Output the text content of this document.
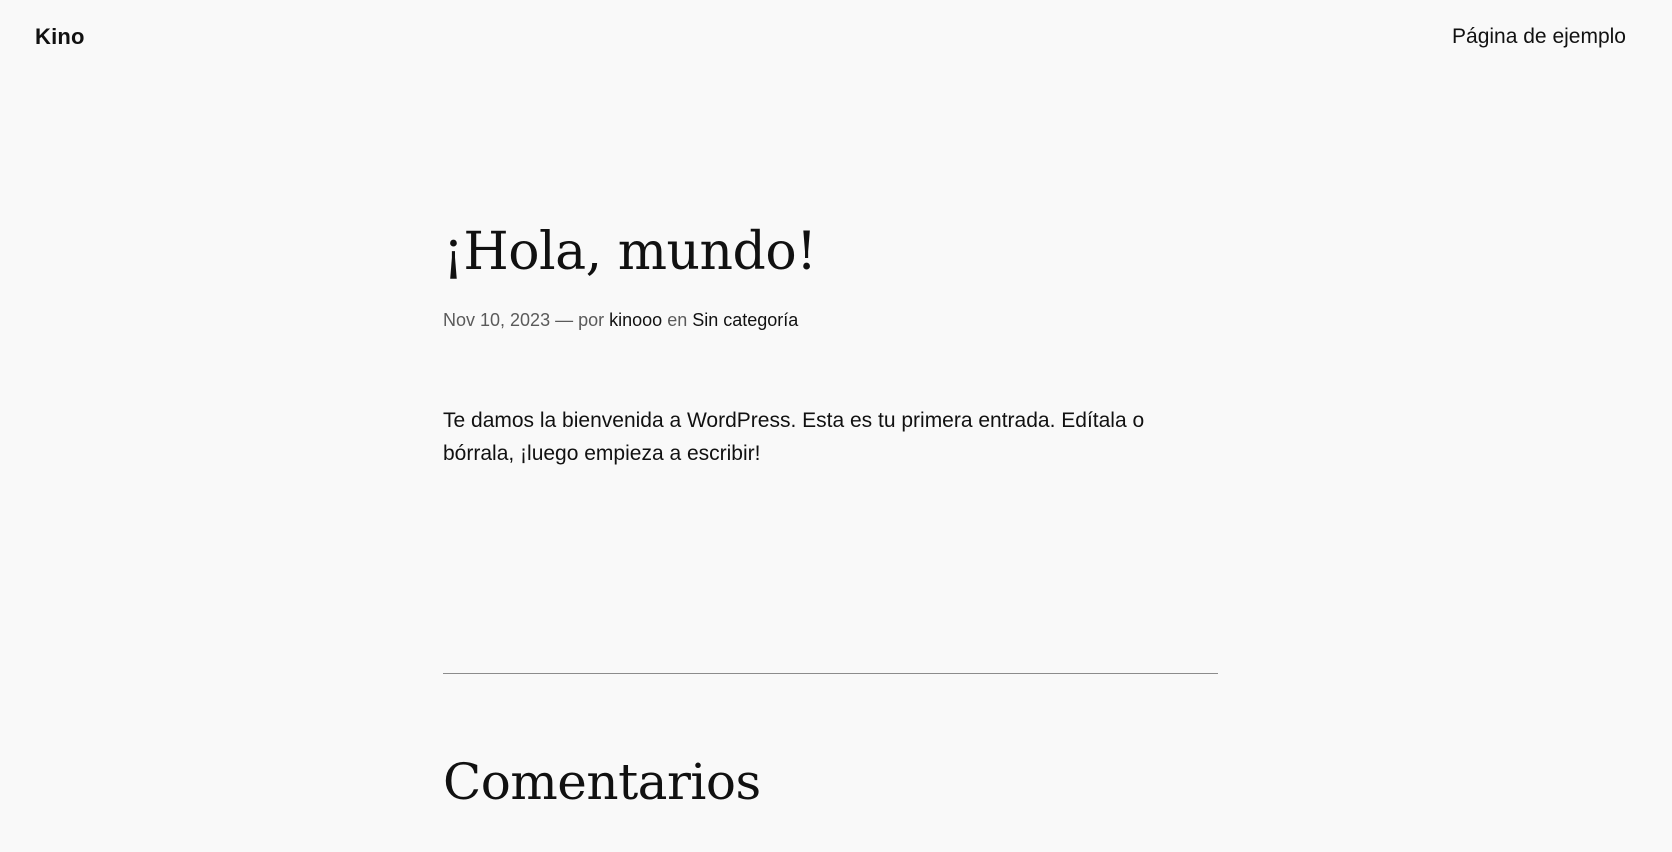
Kino	Página de ejemplo
¡Hola, mundo!
Nov 10, 2023 — por kinooo en Sin categoría
Te damos la bienvenida a WordPress. Esta es tu primera entrada. Edítala o bórrala, ¡luego empieza a escribir!
Comentarios
